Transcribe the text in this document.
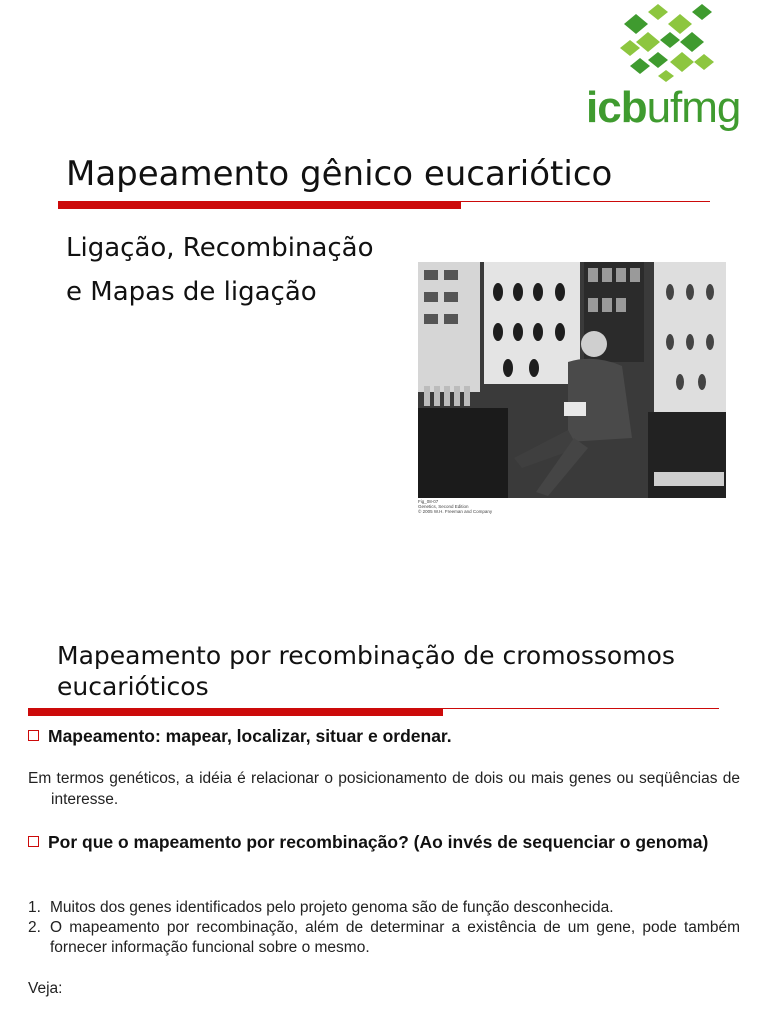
icbufmg
Mapeamento gênico eucariótico
Ligação, Recombinação
e Mapas de ligação
Fig_08-07
Genetics, Second Edition
© 2005 W.H. Freeman and Company
Mapeamento por recombinação de cromossomos eucarióticos
Mapeamento: mapear, localizar, situar e ordenar.
Em termos genéticos, a idéia é relacionar o posicionamento de dois ou mais genes ou seqüências de interesse.
Por que o mapeamento por recombinação? (Ao invés de sequenciar o genoma)
1. Muitos dos genes identificados pelo projeto genoma são de função desconhecida.
2. O mapeamento por recombinação, além de determinar a existência de um gene, pode também fornecer informação funcional sobre o mesmo.
Veja:
